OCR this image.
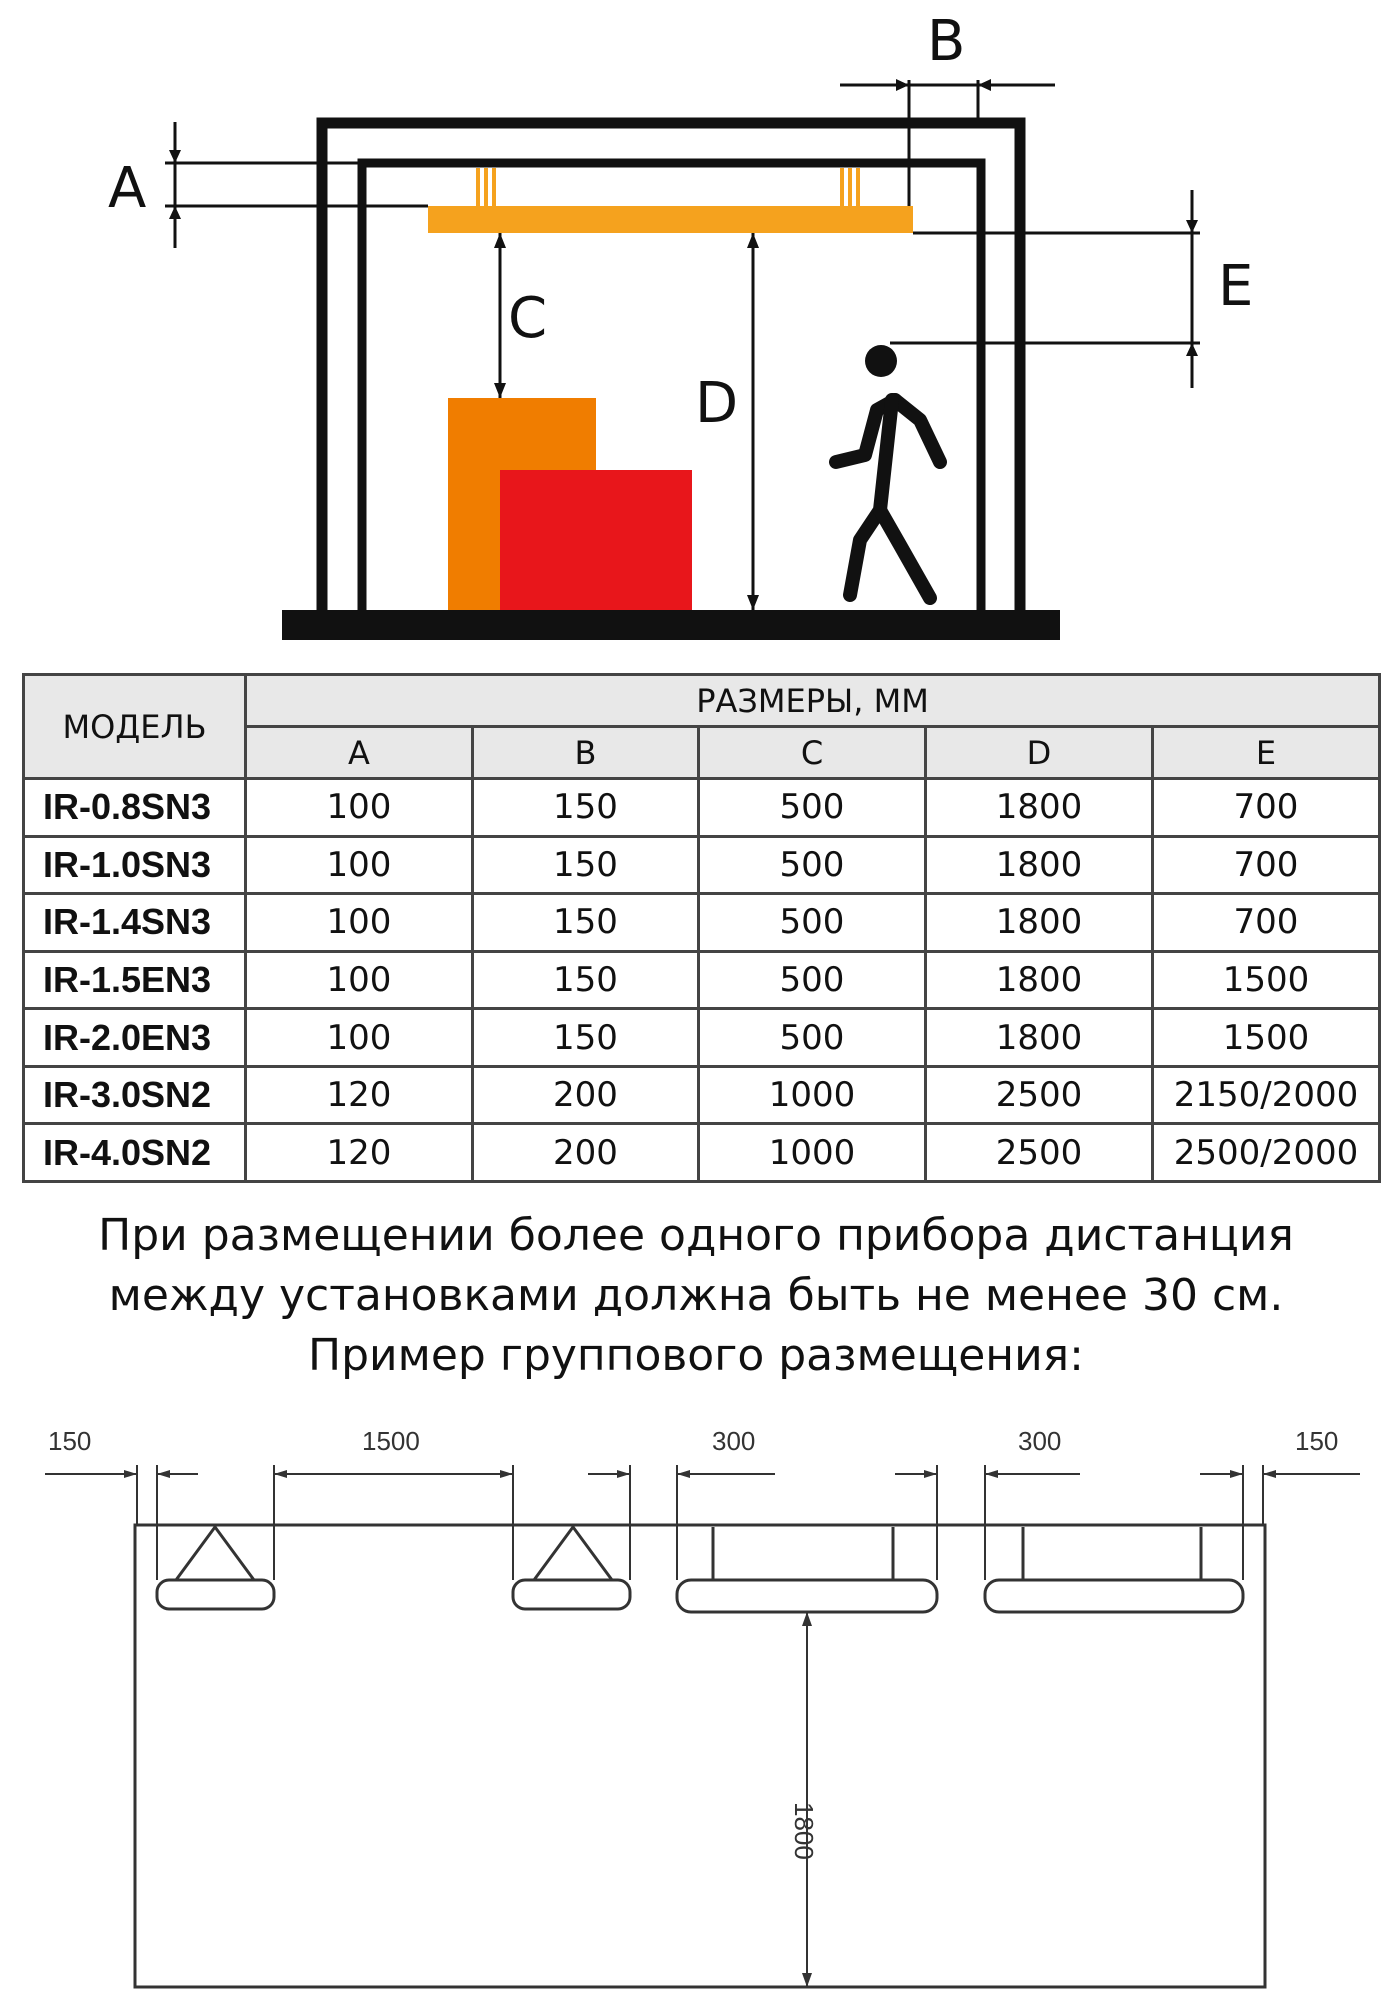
A
B
C
D
E
МОДЕЛЬ	РАЗМЕРЫ, ММ				
	A	B	C	D	E
IR-0.8SN3	100	150	500	1800	700
IR-1.0SN3	100	150	500	1800	700
IR-1.4SN3	100	150	500	1800	700
IR-1.5EN3	100	150	500	1800	1500
IR-2.0EN3	100	150	500	1800	1500
IR-3.0SN2	120	200	1000	2500	2150/2000
IR-4.0SN2	120	200	1000	2500	2500/2000
При размещении более одного прибора дистанция
между установками должна быть не менее 30 см.
Пример группового размещения:
150	1500	300	300	150
1800
